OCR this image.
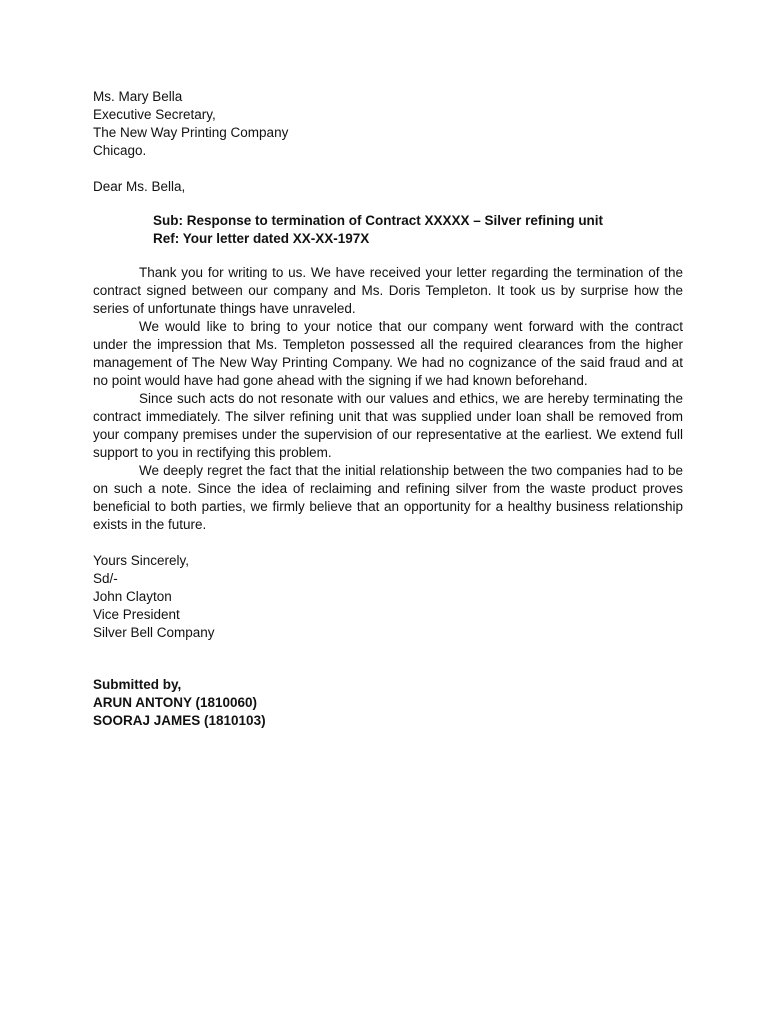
Ms. Mary Bella
Executive Secretary,
The New Way Printing Company
Chicago.
Dear Ms. Bella,
Sub: Response to termination of Contract XXXXX – Silver refining unit
Ref: Your letter dated XX-XX-197X

Thank you for writing to us. We have received your letter regarding the termination of the contract signed between our company and Ms. Doris Templeton. It took us by surprise how the series of unfortunate things have unraveled.

We would like to bring to your notice that our company went forward with the contract under the impression that Ms. Templeton possessed all the required clearances from the higher management of The New Way Printing Company. We had no cognizance of the said fraud and at no point would have had gone ahead with the signing if we had known beforehand.

Since such acts do not resonate with our values and ethics, we are hereby terminating the contract immediately. The silver refining unit that was supplied under loan shall be removed from your company premises under the supervision of our representative at the earliest. We extend full support to you in rectifying this problem.

We deeply regret the fact that the initial relationship between the two companies had to be on such a note. Since the idea of reclaiming and refining silver from the waste product proves beneficial to both parties, we firmly believe that an opportunity for a healthy business relationship exists in the future.

Yours Sincerely,
Sd/-
John Clayton
Vice President
Silver Bell Company
Submitted by,
ARUN ANTONY (1810060)
SOORAJ JAMES (1810103)
